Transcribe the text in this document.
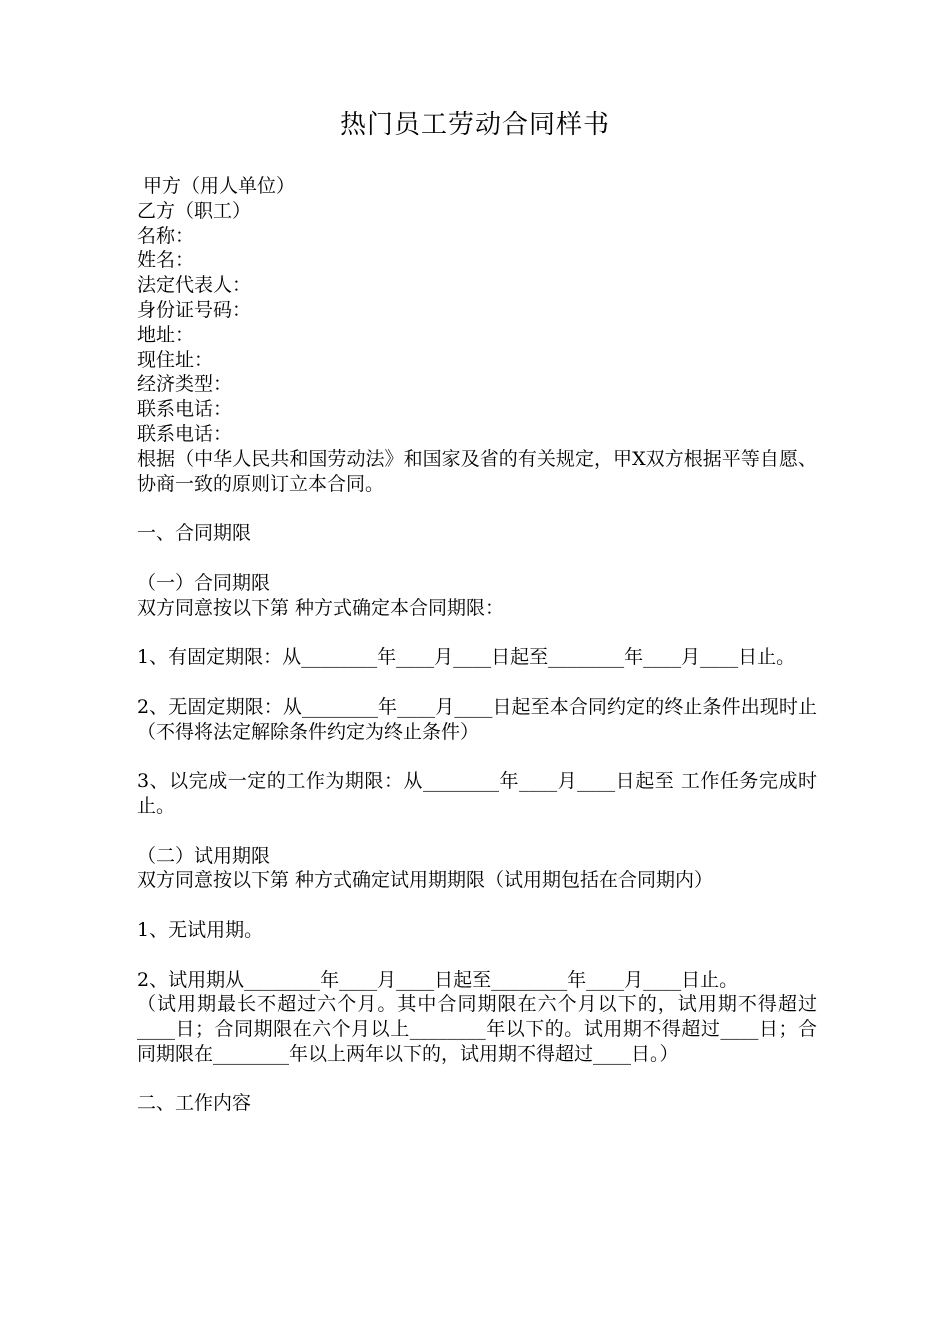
热门员工劳动合同样书

甲方（用人单位）

乙方（职工）

名称：

姓名：

法定代表人：

身份证号码：

地址：

现住址：

经济类型：

联系电话：

联系电话：

根据（中华人民共和国劳动法》和国家及省的有关规定，甲X双方根据平等自愿、协商一致的原则订立本合同。

一、合同期限

（一）合同期限

双方同意按以下第 种方式确定本合同期限：

1、有固定期限：从________年____月____日起至________年____月____日止。

2、无固定期限：从________年____月____日起至本合同约定的终止条件出现时止（不得将法定解除条件约定为终止条件）

3、以完成一定的工作为期限：从________年____月____日起至 工作任务完成时止。

（二）试用期限

双方同意按以下第 种方式确定试用期期限（试用期包括在合同期内）

1、无试用期。

2、试用期从________年____月____日起至________年____月____日止。

（试用期最长不超过六个月。其中合同期限在六个月以下的，试用期不得超过____日；合同期限在六个月以上________年以下的。试用期不得超过____日；合同期限在________年以上两年以下的，试用期不得超过____日。）

二、工作内容
